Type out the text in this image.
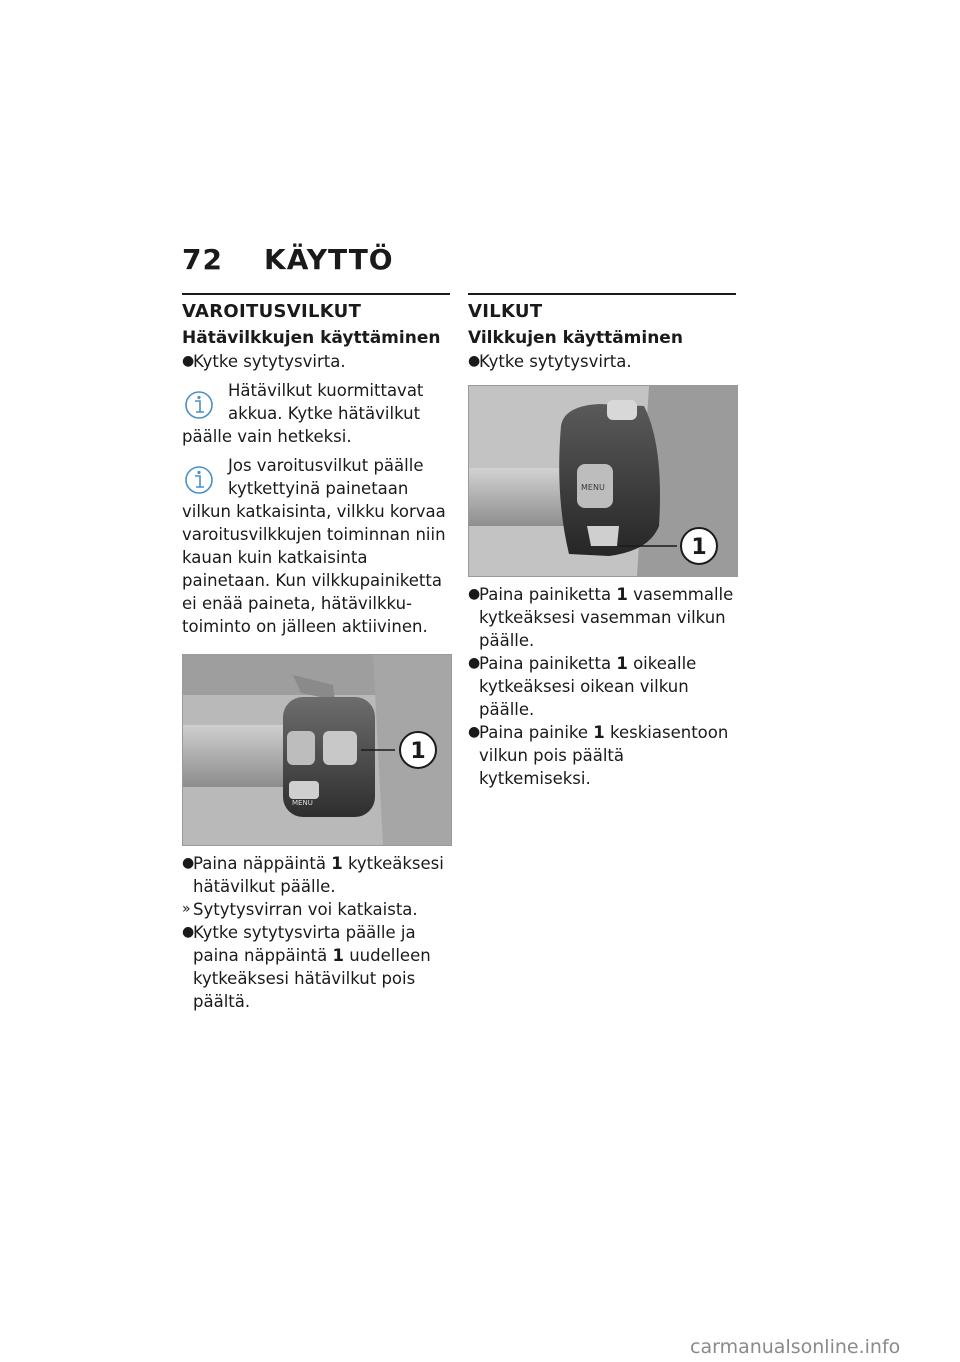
72 KÄYTTÖ
VAROITUSVILKUT
Hätävilkkujen käyttäminen
●
Kytke sytytysvirta.
Hätävilkut kuormittavat akkua. Kytke hätävilkut päälle vain hetkeksi.
Jos varoitusvilkut päälle kytkettyinä painetaan vilkun katkaisinta, vilkku korvaa varoitusvilkkujen toiminnan niin kauan kuin katkaisinta painetaan. Kun vilkkupainiketta ei enää paineta, hätävilkku-toiminto on jälleen aktiivinen.
MENU
1
●
Paina näppäintä 1 kytkeäksesi hätävilkut päälle.
» Sytytysvirran voi katkaista.
●
Kytke sytytysvirta päälle ja paina näppäintä 1 uudelleen kytkeäksesi hätävilkut pois päältä.
VILKUT
Vilkkujen käyttäminen
●
Kytke sytytysvirta.
MENU
1
●
Paina painiketta 1 vasemmalle kytkeäksesi vasemman vilkun päälle.
●
Paina painiketta 1 oikealle kytkeäksesi oikean vilkun päälle.
●
Paina painike 1 keskiasentoon vilkun pois päältä kytkemiseksi.
carmanualsonline.info
